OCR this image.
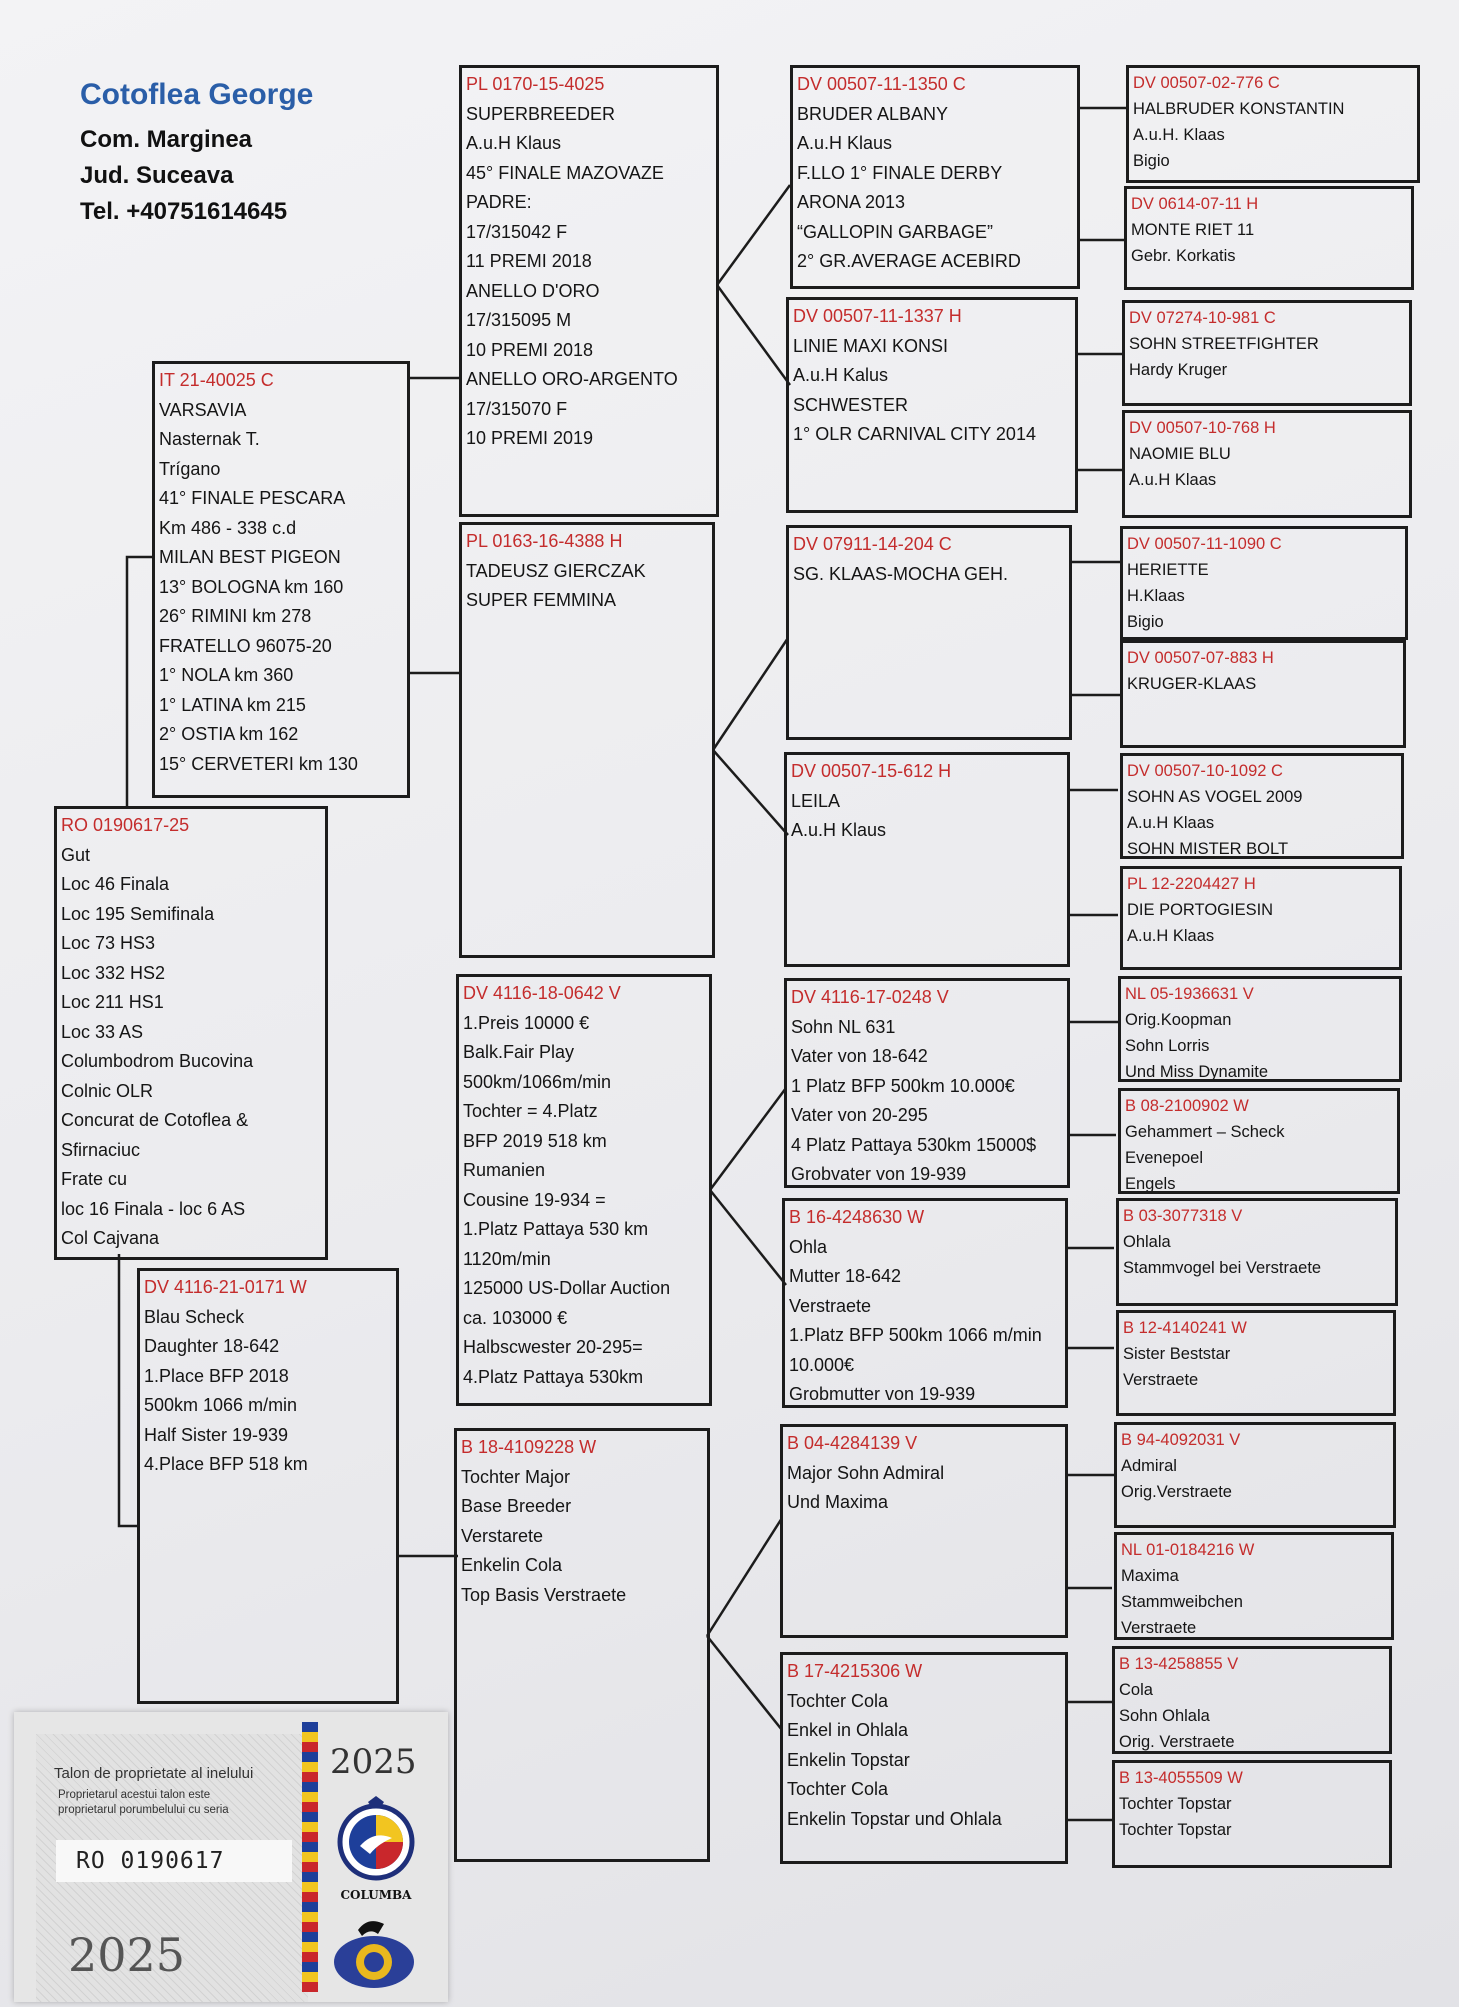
Cotoflea George
Com. Marginea
Jud. Suceava
Tel. +40751614645
RO 0190617-25
Gut
Loc 46 Finala
Loc 195 Semifinala
Loc 73 HS3
Loc 332 HS2
Loc 211 HS1
Loc 33 AS
Columbodrom Bucovina
Colnic OLR
Concurat de Cotoflea &
Sfirnaciuc
Frate cu
loc 16 Finala - loc 6 AS
Col Cajvana
IT 21-40025 C
VARSAVIA
Nasternak T.
Trígano
41° FINALE PESCARA
Km 486 - 338 c.d
MILAN BEST PIGEON
13° BOLOGNA km 160
26° RIMINI km 278
FRATELLO 96075-20
1° NOLA km 360
1° LATINA km 215
2° OSTIA km 162
15° CERVETERI km 130
DV 4116-21-0171 W
Blau Scheck
Daughter 18-642
1.Place BFP 2018
500km 1066 m/min
Half Sister 19-939
4.Place BFP 518 km
PL 0170-15-4025
SUPERBREEDER
A.u.H Klaus
45° FINALE MAZOVAZE
PADRE:
17/315042 F
11 PREMI 2018
ANELLO D'ORO
17/315095 M
10 PREMI 2018
ANELLO ORO-ARGENTO
17/315070 F
10 PREMI 2019
PL 0163-16-4388 H
TADEUSZ GIERCZAK
SUPER FEMMINA
DV 4116-18-0642 V
1.Preis 10000 €
Balk.Fair Play
500km/1066m/min
Tochter = 4.Platz
BFP 2019 518 km
Rumanien
Cousine 19-934 =
1.Platz Pattaya 530 km
1120m/min
125000 US-Dollar Auction
ca. 103000 €
Halbscwester 20-295=
4.Platz Pattaya 530km
B 18-4109228 W
Tochter Major
Base Breeder
Verstarete
Enkelin Cola
Top Basis Verstraete
DV 00507-11-1350 C
BRUDER ALBANY
A.u.H Klaus
F.LLO 1° FINALE DERBY
ARONA 2013
“GALLOPIN GARBAGE”
2° GR.AVERAGE ACEBIRD
DV 00507-11-1337 H
LINIE MAXI KONSI
A.u.H Kalus
SCHWESTER
1° OLR CARNIVAL CITY 2014
DV 07911-14-204 C
SG. KLAAS-MOCHA GEH.
DV 00507-15-612 H
LEILA
A.u.H Klaus
DV 4116-17-0248 V
Sohn NL 631
Vater von 18-642
1 Platz BFP 500km 10.000€
Vater von 20-295
4 Platz Pattaya 530km 15000$
Grobvater von 19-939
B 16-4248630 W
Ohla
Mutter 18-642
Verstraete
1.Platz BFP 500km 1066 m/min
10.000€
Grobmutter von 19-939
B 04-4284139 V
Major Sohn Admiral
Und Maxima
B 17-4215306 W
Tochter Cola
Enkel in Ohlala
Enkelin Topstar
Tochter Cola
Enkelin Topstar und Ohlala
DV 00507-02-776 C
HALBRUDER KONSTANTIN
A.u.H. Klaas
Bigio
DV 0614-07-11 H
MONTE RIET 11
Gebr. Korkatis
DV 07274-10-981 C
SOHN STREETFIGHTER
Hardy Kruger
DV 00507-10-768 H
NAOMIE BLU
A.u.H Klaas
DV 00507-11-1090 C
HERIETTE
H.Klaas
Bigio
DV 00507-07-883 H
KRUGER-KLAAS
DV 00507-10-1092 C
SOHN AS VOGEL 2009
A.u.H Klaas
SOHN MISTER BOLT
PL 12-2204427 H
DIE PORTOGIESIN
A.u.H Klaas
NL 05-1936631 V
Orig.Koopman
Sohn Lorris
Und Miss Dynamite
B 08-2100902 W
Gehammert – Scheck
Evenepoel
Engels
B 03-3077318 V
Ohlala
Stammvogel bei Verstraete
B 12-4140241 W
Sister Beststar
Verstraete
B 94-4092031 V
Admiral
Orig.Verstraete
NL 01-0184216 W
Maxima
Stammweibchen
Verstraete
B 13-4258855 V
Cola
Sohn Ohlala
Orig. Verstraete
B 13-4055509 W
Tochter Topstar
Tochter Topstar
Talon de proprietate al inelului
Proprietarul acestui talon este
proprietarul porumbelului cu seria
RO 0190617
2025
2025
COLUMBA
